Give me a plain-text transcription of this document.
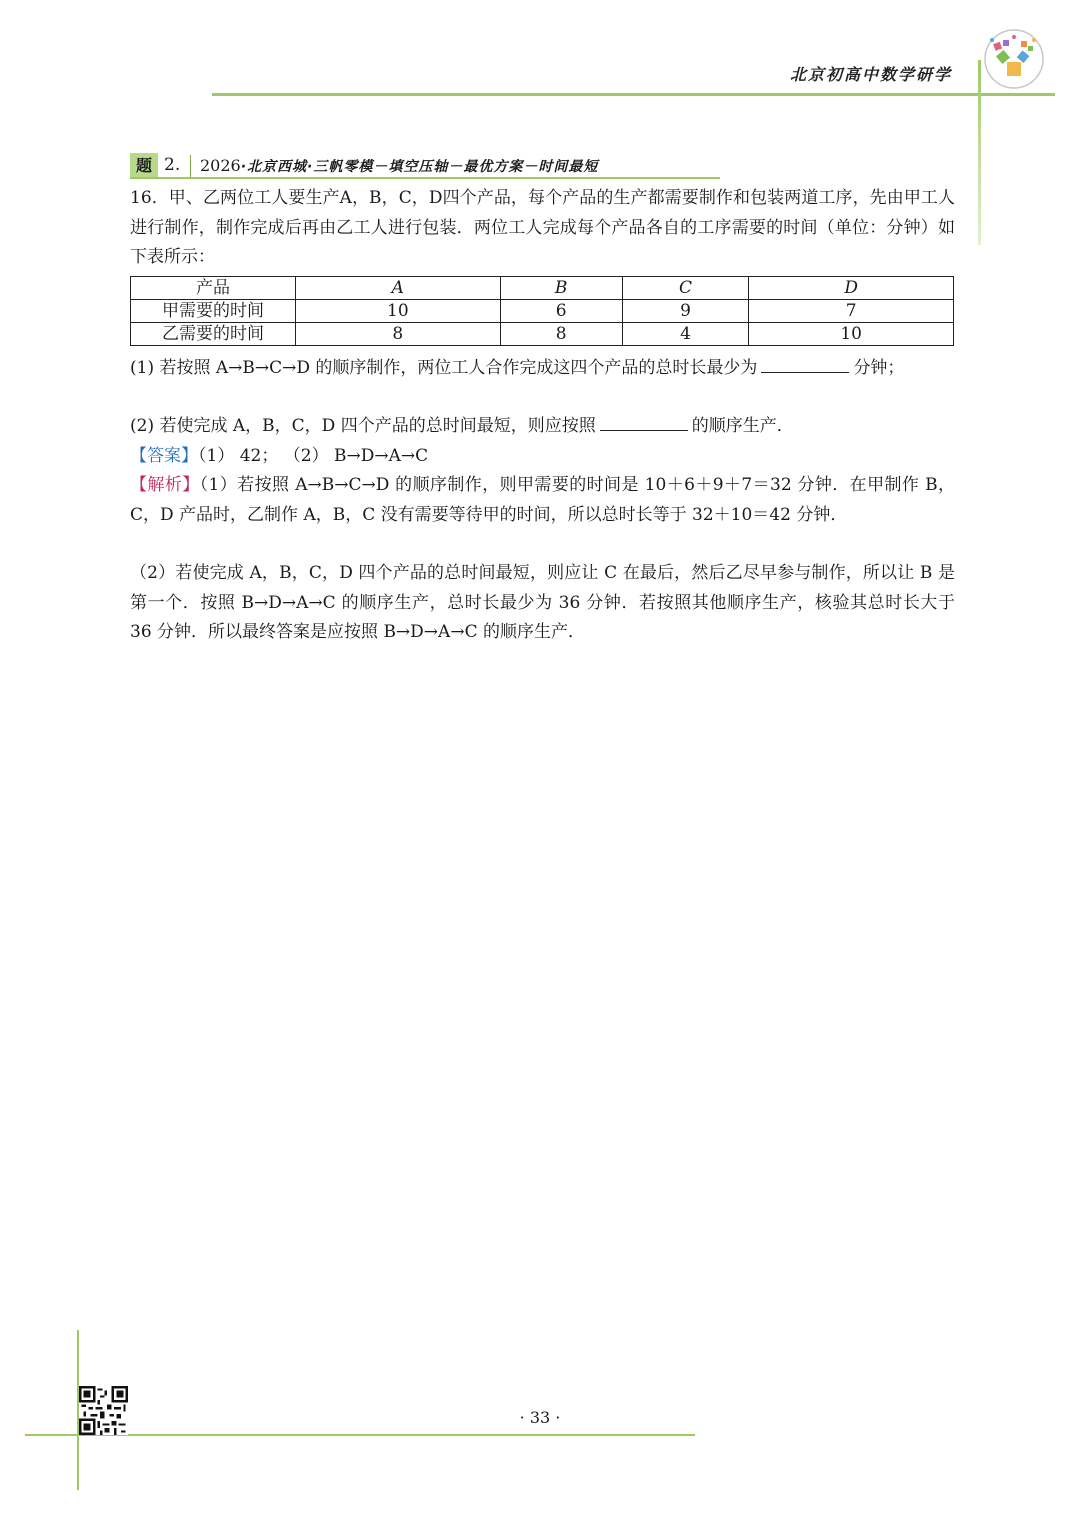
北京初高中数学研学
题 2. 2026·北京西城·三帆零模－填空压轴－最优方案－时间最短
16．甲、乙两位工人要生产A，B，C，D四个产品，每个产品的生产都需要制作和包装两道工序，先由甲工人进行制作，制作完成后再由乙工人进行包装．两位工人完成每个产品各自的工序需要的时间（单位：分钟）如下表所示：
产品	A	B	C	D
甲需要的时间	10	6	9	7
乙需要的时间	8	8	4	10
(1) 若按照 A→B→C→D 的顺序制作，两位工人合作完成这四个产品的总时长最少为	分钟；
(2) 若使完成 A，B，C，D 四个产品的总时间最短，则应按照	的顺序生产．
【答案】（1） 42； （2） B→D→A→C
【解析】（1）若按照 A→B→C→D 的顺序制作，则甲需要的时间是 10＋6＋9＋7＝32 分钟．在甲制作 B，C，D 产品时，乙制作 A，B，C 没有需要等待甲的时间，所以总时长等于 32＋10＝42 分钟．
（2）若使完成 A，B，C，D 四个产品的总时间最短，则应让 C 在最后，然后乙尽早参与制作，所以让 B 是第一个．按照 B→D→A→C 的顺序生产，总时长最少为 36 分钟．若按照其他顺序生产，核验其总时长大于 36 分钟．所以最终答案是应按照 B→D→A→C 的顺序生产．
· 33 ·
